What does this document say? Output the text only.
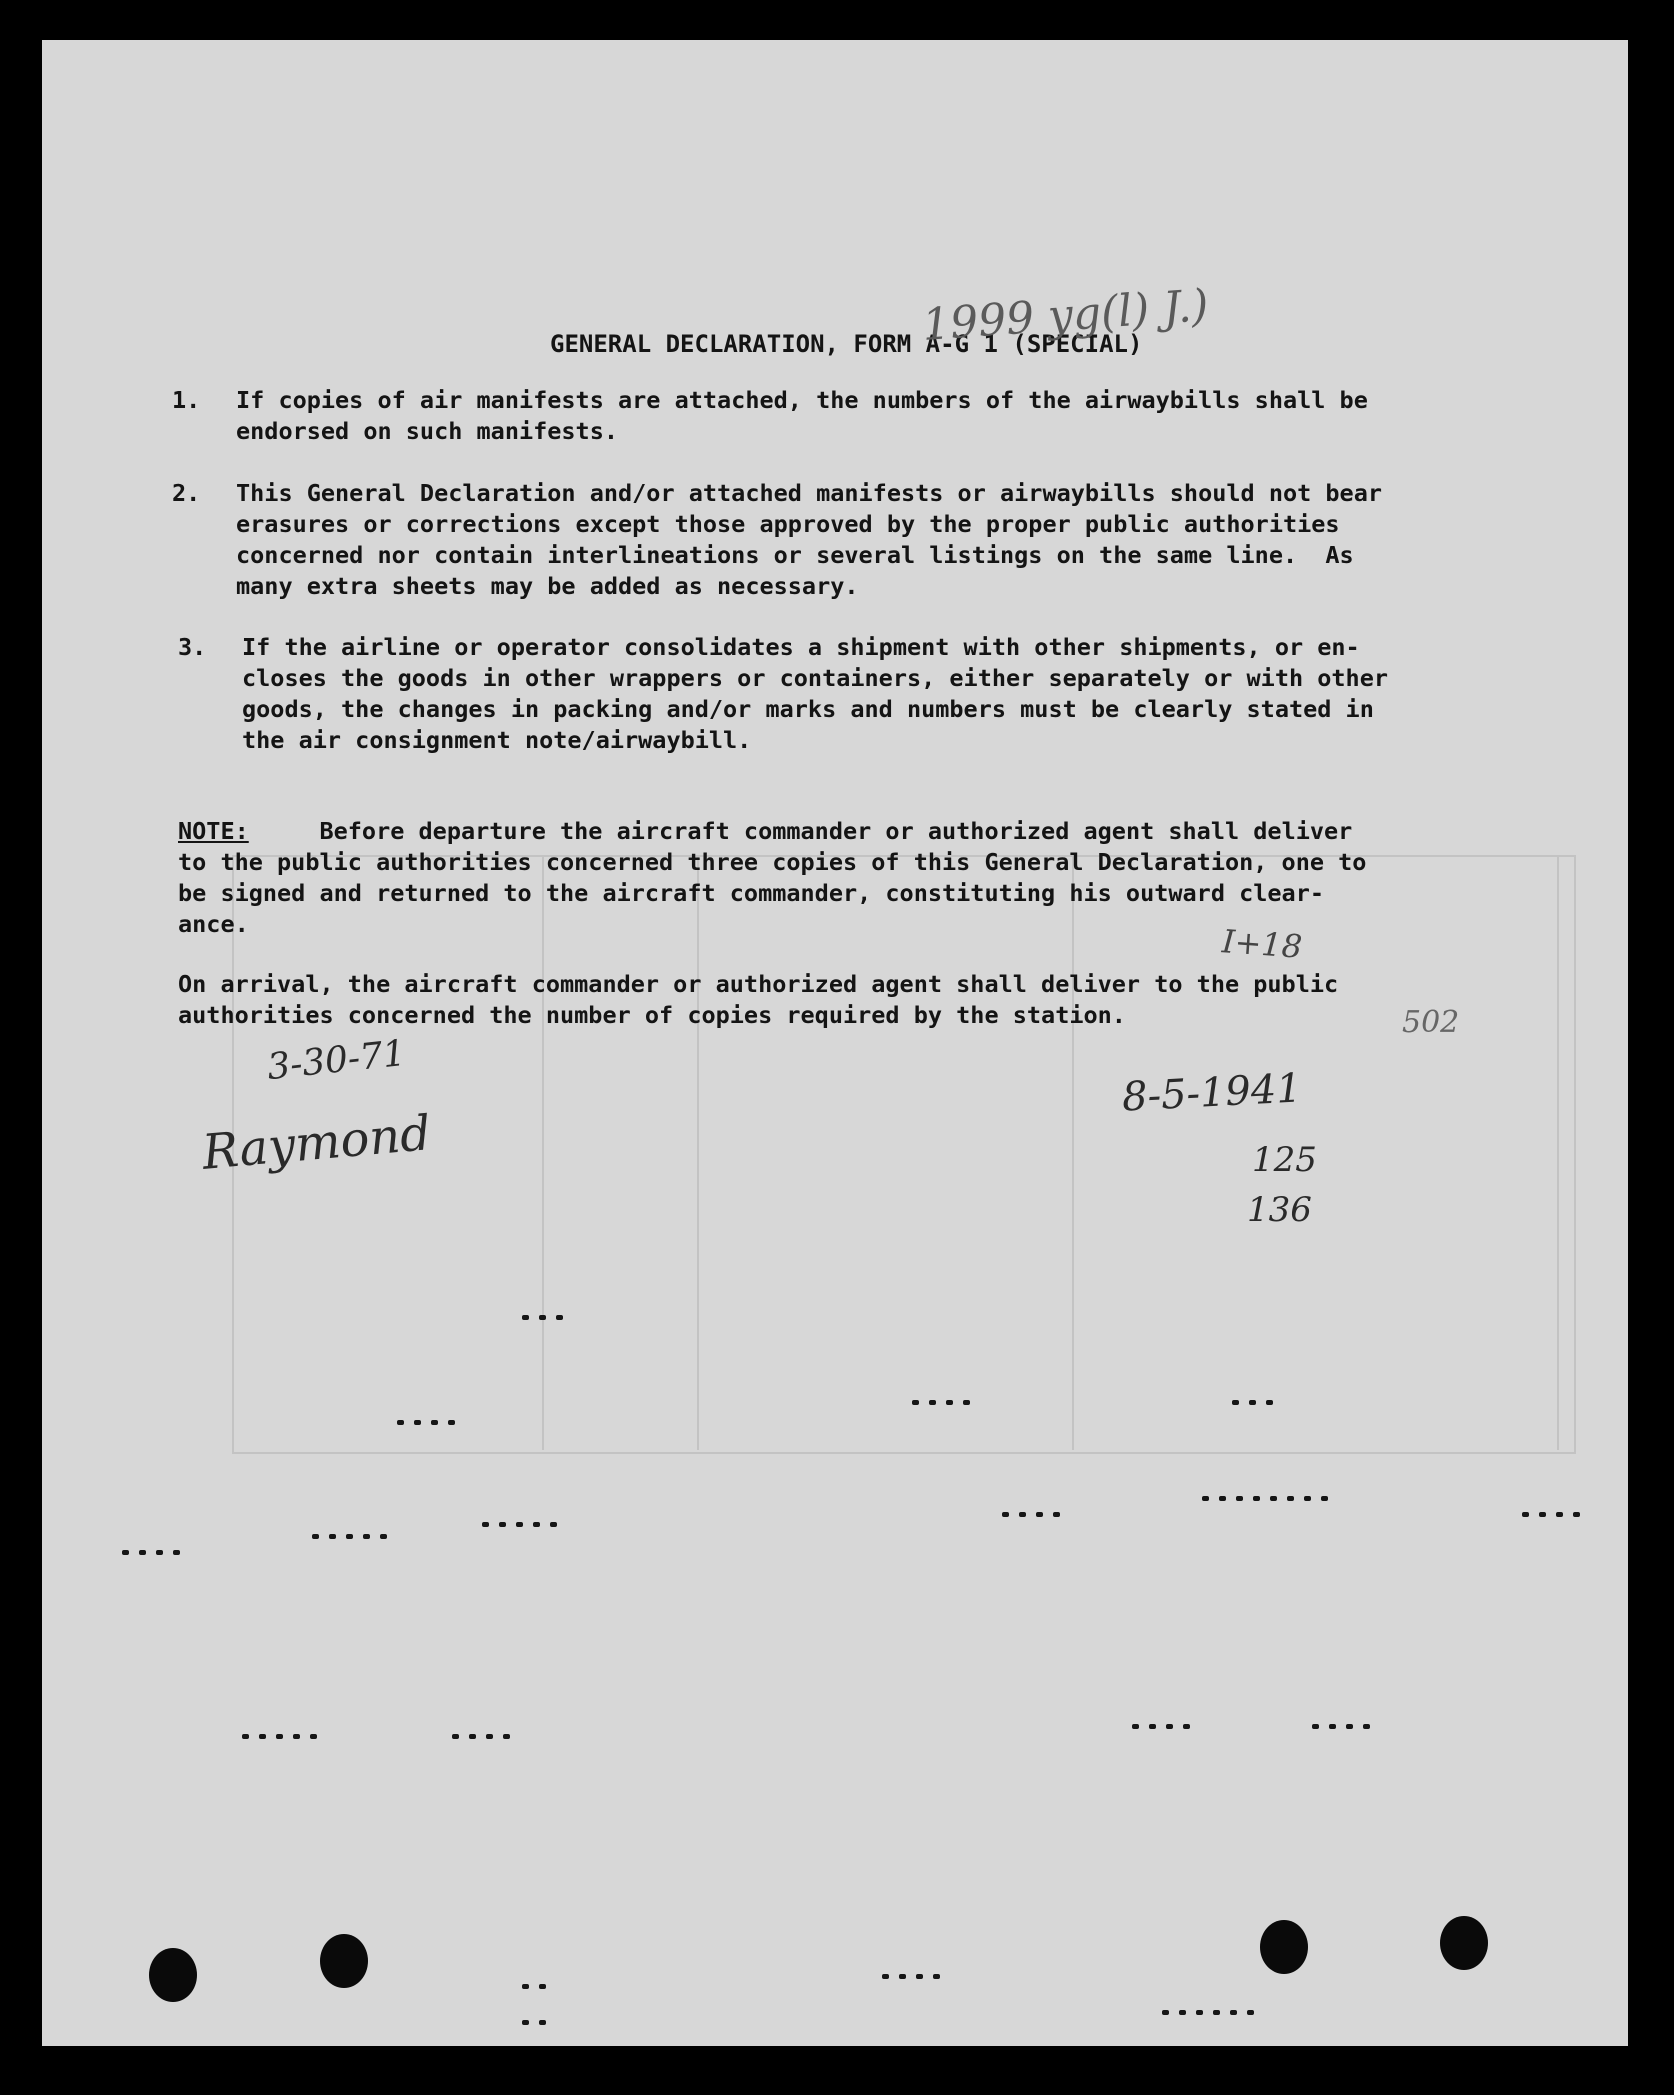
GENERAL DECLARATION, FORM A-G 1 (SPECIAL)
1. If copies of air manifests are attached, the numbers of the airwaybills shall be
endorsed on such manifests.
2. This General Declaration and/or attached manifests or airwaybills should not bear
erasures or corrections except those approved by the proper public authorities
concerned nor contain interlineations or several listings on the same line.  As
many extra sheets may be added as necessary.
3. If the airline or operator consolidates a shipment with other shipments, or en-
closes the goods in other wrappers or containers, either separately or with other
goods, the changes in packing and/or marks and numbers must be clearly stated in
the air consignment note/airwaybill.
NOTE:     Before departure the aircraft commander or authorized agent shall deliver
to the public authorities concerned three copies of this General Declaration, one to
be signed and returned to the aircraft commander, constituting his outward clear-
ance.
On arrival, the aircraft commander or authorized agent shall deliver to the public
authorities concerned the number of copies required by the station.
1999 yg(l) J.)
3-30-71
Raymond
8-5-1941
125
136
I+18
502
